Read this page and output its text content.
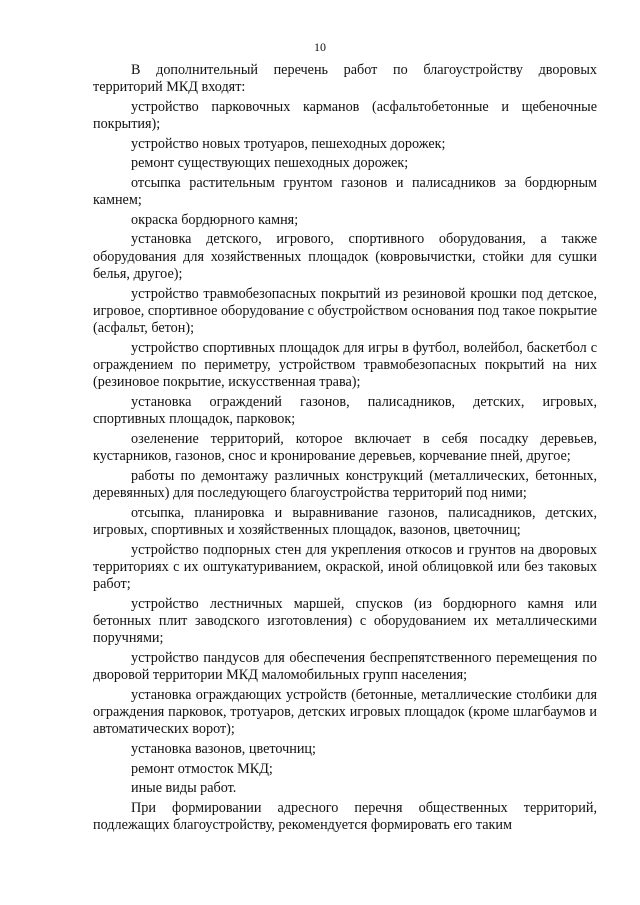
10

В дополнительный перечень работ по благоустройству дворовых территорий МКД входят:

устройство парковочных карманов (асфальтобетонные и щебеночные покрытия);

устройство новых тротуаров, пешеходных дорожек;

ремонт существующих пешеходных дорожек;

отсыпка растительным грунтом газонов и палисадников за бордюрным камнем;

окраска бордюрного камня;

установка детского, игрового, спортивного оборудования, а также оборудования для хозяйственных площадок (ковровычистки, стойки для сушки белья, другое);

устройство травмобезопасных покрытий из резиновой крошки под детское, игровое, спортивное оборудование с обустройством основания под такое покрытие (асфальт, бетон);

устройство спортивных площадок для игры в футбол, волейбол, баскетбол с ограждением по периметру, устройством травмобезопасных покрытий на них (резиновое покрытие, искусственная трава);

установка ограждений газонов, палисадников, детских, игровых, спортивных площадок, парковок;

озеленение территорий, которое включает в себя посадку деревьев, кустарников, газонов, снос и кронирование деревьев, корчевание пней, другое;

работы по демонтажу различных конструкций (металлических, бетонных, деревянных) для последующего благоустройства территорий под ними;

отсыпка, планировка и выравнивание газонов, палисадников, детских, игровых, спортивных и хозяйственных площадок, вазонов, цветочниц;

устройство подпорных стен для укрепления откосов и грунтов на дворовых территориях с их оштукатуриванием, окраской, иной облицовкой или без таковых работ;

устройство лестничных маршей, спусков (из бордюрного камня или бетонных плит заводского изготовления) с оборудованием их металлическими поручнями;

устройство пандусов для обеспечения беспрепятственного перемещения по дворовой территории МКД маломобильных групп населения;

установка ограждающих устройств (бетонные, металлические столбики для ограждения парковок, тротуаров, детских игровых площадок (кроме шлагбаумов и автоматических ворот);

установка вазонов, цветочниц;

ремонт отмосток МКД;

иные виды работ.

При формировании адресного перечня общественных территорий, подлежащих благоустройству, рекомендуется формировать его таким
